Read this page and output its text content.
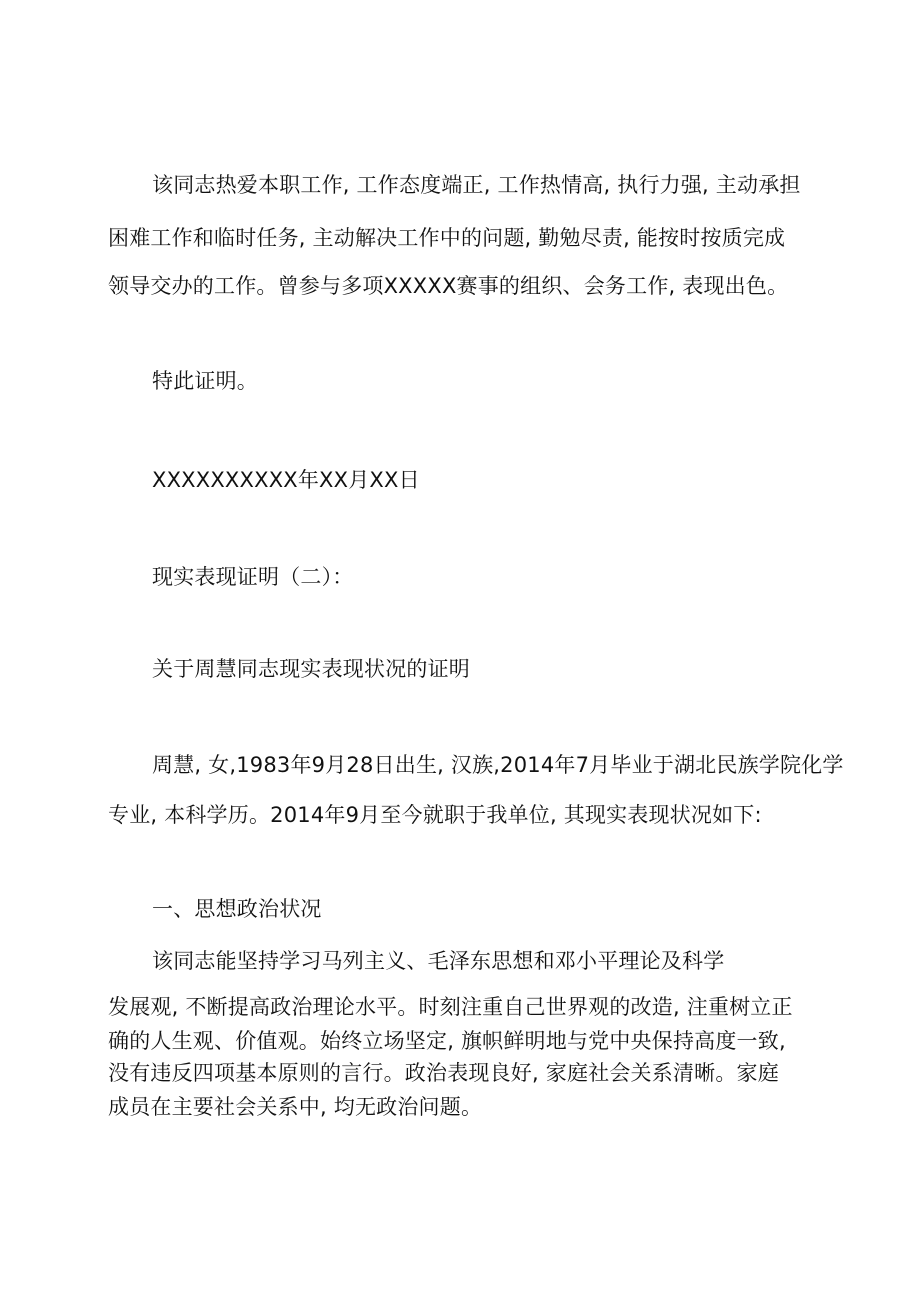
该同志热爱本职工作, 工作态度端正, 工作热情高, 执行力强, 主动承担
困难工作和临时任务, 主动解决工作中的问题, 勤勉尽责, 能按时按质完成
领导交办的工作。曾参与多项XXXXX赛事的组织、会务工作, 表现出色。
特此证明。
XXXXXXXXXX年XX月XX日
现实表现证明（二）：
关于周慧同志现实表现状况的证明
周慧, 女,1983年9月28日出生, 汉族,2014年7月毕业于湖北民族学院化学
专业, 本科学历。2014年9月至今就职于我单位, 其现实表现状况如下:
一、思想政治状况
该同志能坚持学习马列主义、毛泽东思想和邓小平理论及科学
发展观, 不断提高政治理论水平。时刻注重自己世界观的改造, 注重树立正
确的人生观、价值观。始终立场坚定, 旗帜鲜明地与党中央保持高度一致,
没有违反四项基本原则的言行。政治表现良好, 家庭社会关系清晰。家庭
成员在主要社会关系中, 均无政治问题。
